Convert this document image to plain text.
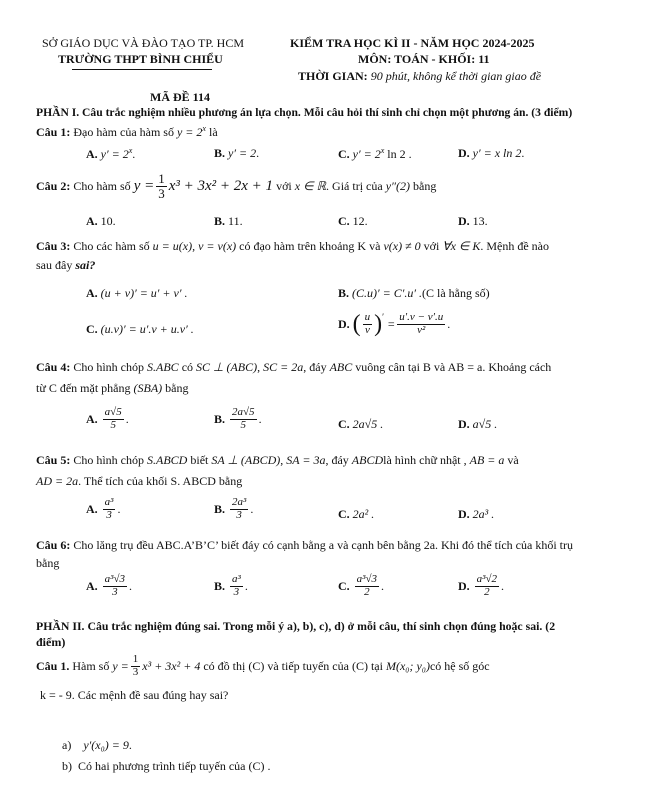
SỞ GIÁO DỤC VÀ ĐÀO TẠO TP. HCM
TRƯỜNG THPT BÌNH CHIỂU
KIỂM TRA HỌC KÌ II - NĂM HỌC 2024-2025
MÔN: TOÁN - KHỐI: 11
THỜI GIAN: 90 phút, không kể thời gian giao đề
MÃ ĐỀ 114
PHẦN I. Câu trắc nghiệm nhiều phương án lựa chọn. Mỗi câu hỏi thí sinh chỉ chọn một phương án. (3 điểm)
Câu 1: Đạo hàm của hàm số $y = 2^x$ là
A. $y' = 2^x$.	B. y′ = 2.	C. $y' = 2^x$ ln 2 .	D. y′ = x ln 2.
Câu 2:
Cho hàm số
$y = \frac{1}{3} x^3 + 3x^2 + 2x + 1$
với
x ∈ ℝ . Giá trị của
y″(2)
bằng
A. 10.	B. 11.	C. 12.	D. 13.
Câu 3: Cho các hàm số u = u(x), v = v(x) có đạo hàm trên khoảng K và v(x) ≠ 0 với ∀x ∈ K. Mệnh đề nào
sau đây sai?
A. (u + v)′ = u′ + v′ .	B. (C.u)′ = C′.u′ .(C là hằng số)
C. (u.v)′ = u′.v + u.v′ .	D.
( $\frac{u}{v} )' = \frac{u'.v - v'.u}{\text{v²}}$ .
Câu 4: Cho hình chóp S.ABC có SC ⊥ (ABC), SC = 2a, đáy ABC vuông cân tại B và AB = a. Khoảng cách
từ C đến mặt phẳng (SBA) bằng
A.
$\frac{a√5}{5}$ .	B.
$\frac{2a√5}{5}$ .	C. 2a√5 .	D. a√5 .
Câu 5: Cho hình chóp S.ABCD biết SA ⊥ (ABCD), SA = 3a, đáy ABCDlà hình chữ nhật , AB = a và
AD = 2a. Thể tích của khối S. ABCD bằng
A.
$\frac{\text{a³}}{3}$ .	B.
$\frac{\text{2a³}}{3}$ .	C. 2a² .	D. 2a³ .
Câu 6: Cho lăng trụ đều ABC.A’B’C’ biết đáy có cạnh bằng a và cạnh bên bằng 2a. Khi đó thể tích của khối trụ
bằng
A.
$\frac{\text{a³√3}}{3}$ .	B.
$\frac{\text{a³}}{3}$ .	C.
$\frac{\text{a³√3}}{2}$ .	D.
$\frac{\text{a³√2}}{2}$ .
PHẦN II. Câu trắc nghiệm đúng sai. Trong mỗi ý a), b), c), d) ở mỗi câu, thí sinh chọn đúng hoặc sai. (2
điểm)
Câu 1.
Hàm số
$y = \frac{1}{3} x^3 + 3x^2 + 4$
có đồ thị (C) và tiếp tuyến của (C) tại
M(x₀; y₀) có hệ số góc
k = - 9. Các mệnh đề sau đúng hay sai?
a) y′(x₀) = 9.
b) Có hai phương trình tiếp tuyến của (C) .
